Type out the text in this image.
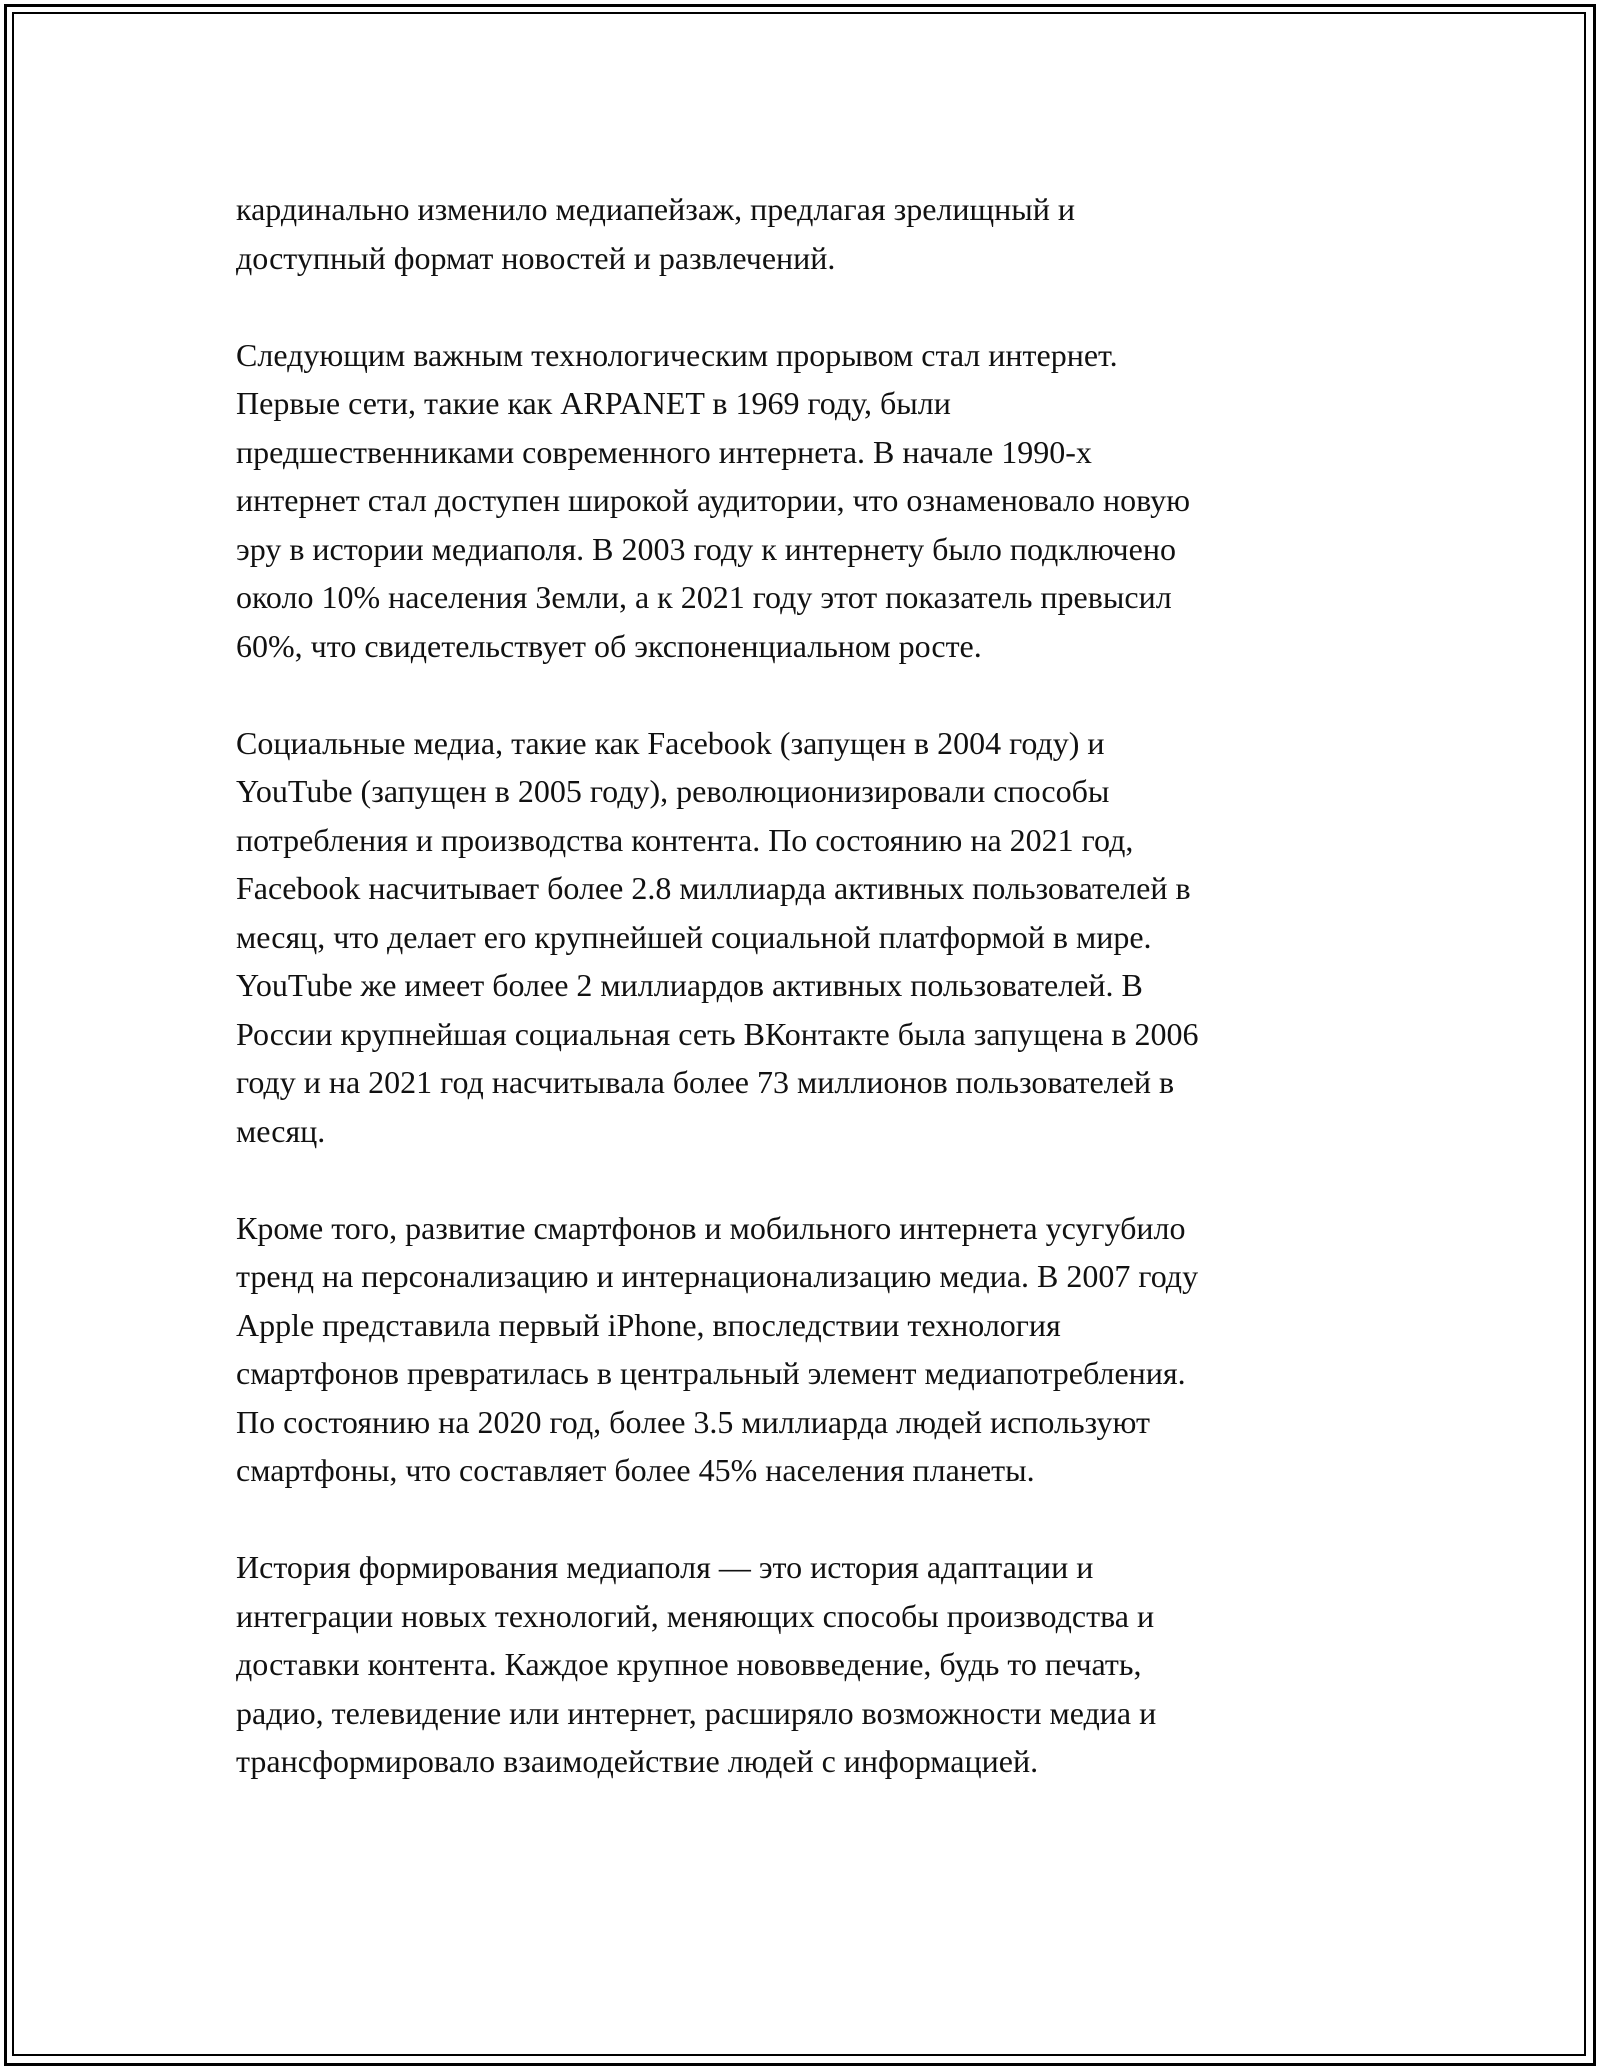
кардинально изменило медиапейзаж, предлагая зрелищный и
доступный формат новостей и развлечений.

Следующим важным технологическим прорывом стал интернет.
Первые сети, такие как ARPANET в 1969 году, были
предшественниками современного интернета. В начале 1990-х
интернет стал доступен широкой аудитории, что ознаменовало новую
эру в истории медиаполя. В 2003 году к интернету было подключено
около 10% населения Земли, а к 2021 году этот показатель превысил
60%, что свидетельствует об экспоненциальном росте.

Социальные медиа, такие как Facebook (запущен в 2004 году) и
YouTube (запущен в 2005 году), революционизировали способы
потребления и производства контента. По состоянию на 2021 год,
Facebook насчитывает более 2.8 миллиарда активных пользователей в
месяц, что делает его крупнейшей социальной платформой в мире.
YouTube же имеет более 2 миллиардов активных пользователей. В
России крупнейшая социальная сеть ВКонтакте была запущена в 2006
году и на 2021 год насчитывала более 73 миллионов пользователей в
месяц.

Кроме того, развитие смартфонов и мобильного интернета усугубило
тренд на персонализацию и интернационализацию медиа. В 2007 году
Apple представила первый iPhone, впоследствии технология
смартфонов превратилась в центральный элемент медиапотребления.
По состоянию на 2020 год, более 3.5 миллиарда людей используют
смартфоны, что составляет более 45% населения планеты.

История формирования медиаполя — это история адаптации и
интеграции новых технологий, меняющих способы производства и
доставки контента. Каждое крупное нововведение, будь то печать,
радио, телевидение или интернет, расширяло возможности медиа и
трансформировало взаимодействие людей с информацией.
